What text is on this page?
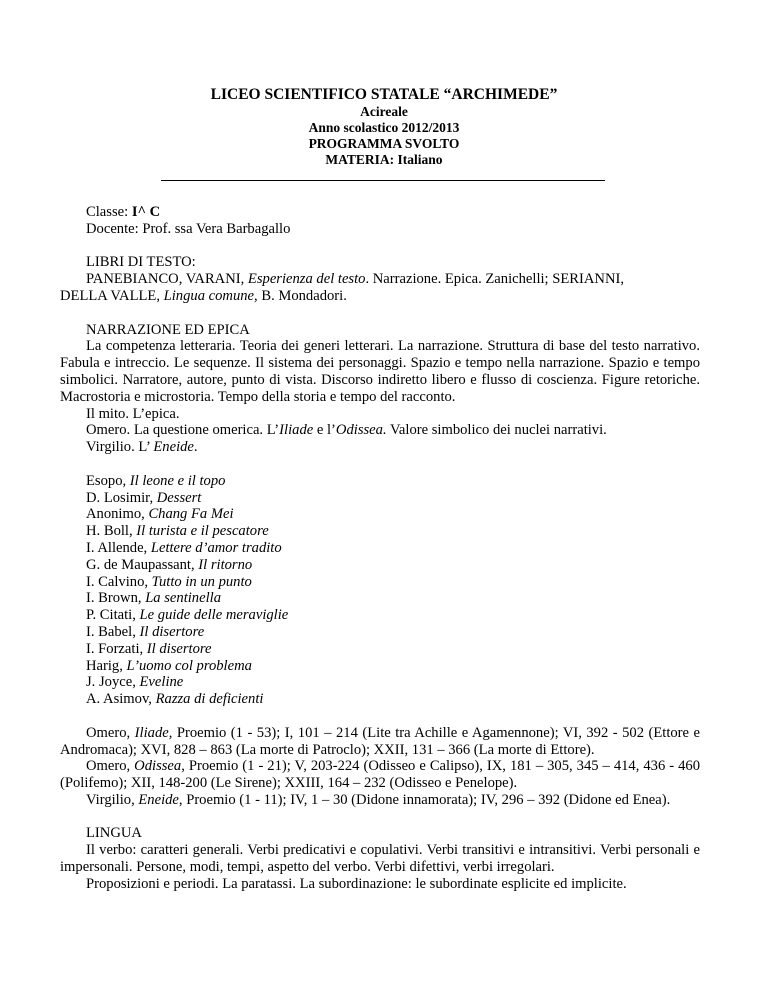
LICEO SCIENTIFICO STATALE “ARCHIMEDE”
Acireale
Anno scolastico 2012/2013
PROGRAMMA SVOLTO
MATERIA: Italiano

Classe: I^ C

Docente: Prof. ssa Vera Barbagallo

LIBRI DI TESTO:

PANEBIANCO, VARANI, Esperienza del testo. Narrazione. Epica. Zanichelli; SERIANNI,

DELLA VALLE, Lingua comune, B. Mondadori.

NARRAZIONE ED EPICA

La competenza letteraria. Teoria dei generi letterari. La narrazione. Struttura di base del testo narrativo. Fabula e intreccio. Le sequenze. Il sistema dei personaggi. Spazio e tempo nella narrazione. Spazio e tempo simbolici. Narratore, autore, punto di vista. Discorso indiretto libero e flusso di coscienza. Figure retoriche. Macrostoria e microstoria. Tempo della storia e tempo del racconto.

Il mito. L’epica.

Omero. La questione omerica. L’Iliade e l’Odissea. Valore simbolico dei nuclei narrativi.

Virgilio. L’ Eneide.

Esopo, Il leone e il topo

D. Losimir, Dessert

Anonimo, Chang Fa Mei

H. Boll, Il turista e il pescatore

I. Allende, Lettere d’amor tradito

G. de Maupassant, Il ritorno

I. Calvino, Tutto in un punto

I. Brown, La sentinella

P. Citati, Le guide delle meraviglie

I. Babel, Il disertore

I. Forzati, Il disertore

Harig, L’uomo col problema

J. Joyce, Eveline

A. Asimov, Razza di deficienti

Omero, Iliade, Proemio (1 - 53); I, 101 – 214 (Lite tra Achille e Agamennone); VI, 392 - 502 (Ettore e Andromaca); XVI, 828 – 863 (La morte di Patroclo); XXII, 131 – 366 (La morte di Ettore).

Omero, Odissea, Proemio (1 - 21); V, 203-224 (Odisseo e Calipso), IX, 181 – 305, 345 – 414, 436 - 460 (Polifemo); XII, 148-200 (Le Sirene); XXIII, 164 – 232 (Odisseo e Penelope).

Virgilio, Eneide, Proemio (1 - 11); IV, 1 – 30 (Didone innamorata); IV, 296 – 392 (Didone ed Enea).

LINGUA

Il verbo: caratteri generali. Verbi predicativi e copulativi. Verbi transitivi e intransitivi. Verbi personali e impersonali. Persone, modi, tempi, aspetto del verbo. Verbi difettivi, verbi irregolari.

Proposizioni e periodi. La paratassi. La subordinazione: le subordinate esplicite ed implicite.
